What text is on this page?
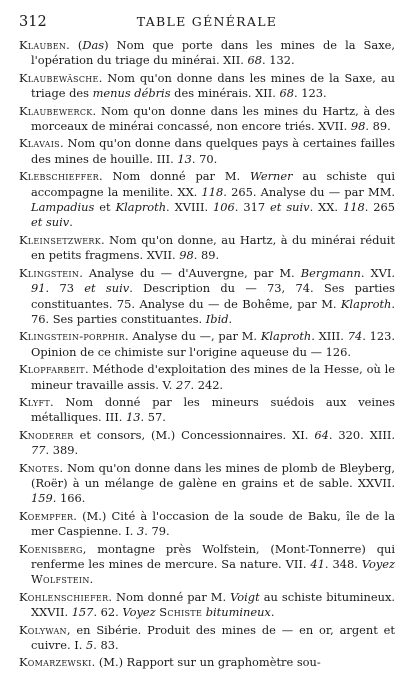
312	TABLE GÉNÉRALE

Klauben. (Das) Nom que porte dans les mines de la Saxe, l'opération du triage du minérai. XII. 68. 132.

Klaubewäsche. Nom qu'on donne dans les mines de la Saxe, au triage des menus débris des minérais. XII. 68. 123.

Klaubewerck. Nom qu'on donne dans les mines du Hartz, à des morceaux de minérai concassé, non encore triés. XVII. 98. 89.

Klavais. Nom qu'on donne dans quelques pays à certaines failles des mines de houille. III. 13. 70.

Klebschieffer. Nom donné par M. Werner au schiste qui accompagne la menilite. XX. 118. 265. Analyse du — par MM. Lampadius et Klaproth. XVIII. 106. 317 et suiv. XX. 118. 265 et suiv.

Kleinsetzwerk. Nom qu'on donne, au Hartz, à du minérai réduit en petits fragmens. XVII. 98. 89.

Klingstein. Analyse du — d'Auvergne, par M. Bergmann. XVI. 91. 73 et suiv. Description du — 73, 74. Ses parties constituantes. 75. Analyse du — de Bohême, par M. Klaproth. 76. Ses parties constituantes. Ibid.

Klingstein-porphir. Analyse du —, par M. Klaproth. XIII. 74. 123. Opinion de ce chimiste sur l'origine aqueuse du — 126.

Klopfarbeit. Méthode d'exploitation des mines de la Hesse, où le mineur travaille assis. V. 27. 242.

Klyft. Nom donné par les mineurs suédois aux veines métalliques. III. 13. 57.

Knoderer et consors, (M.) Concessionnaires. XI. 64. 320. XIII. 77. 389.

Knotes. Nom qu'on donne dans les mines de plomb de Bleyberg, (Roër) à un mélange de galène en grains et de sable. XXVII. 159. 166.

Koempfer. (M.) Cité à l'occasion de la soude de Baku, île de la mer Caspienne. I. 3. 79.

Koenisberg, montagne près Wolfstein, (Mont-Tonnerre) qui renferme les mines de mercure. Sa nature. VII. 41. 348. Voyez Wolfstein.

Kohlenschiefer. Nom donné par M. Voigt au schiste bitumineux. XXVII. 157. 62. Voyez Schiste bitumineux.

Kolywan, en Sibérie. Produit des mines de — en or, argent et cuivre. I. 5. 83.

Komarzewski. (M.) Rapport sur un graphomètre sou-
